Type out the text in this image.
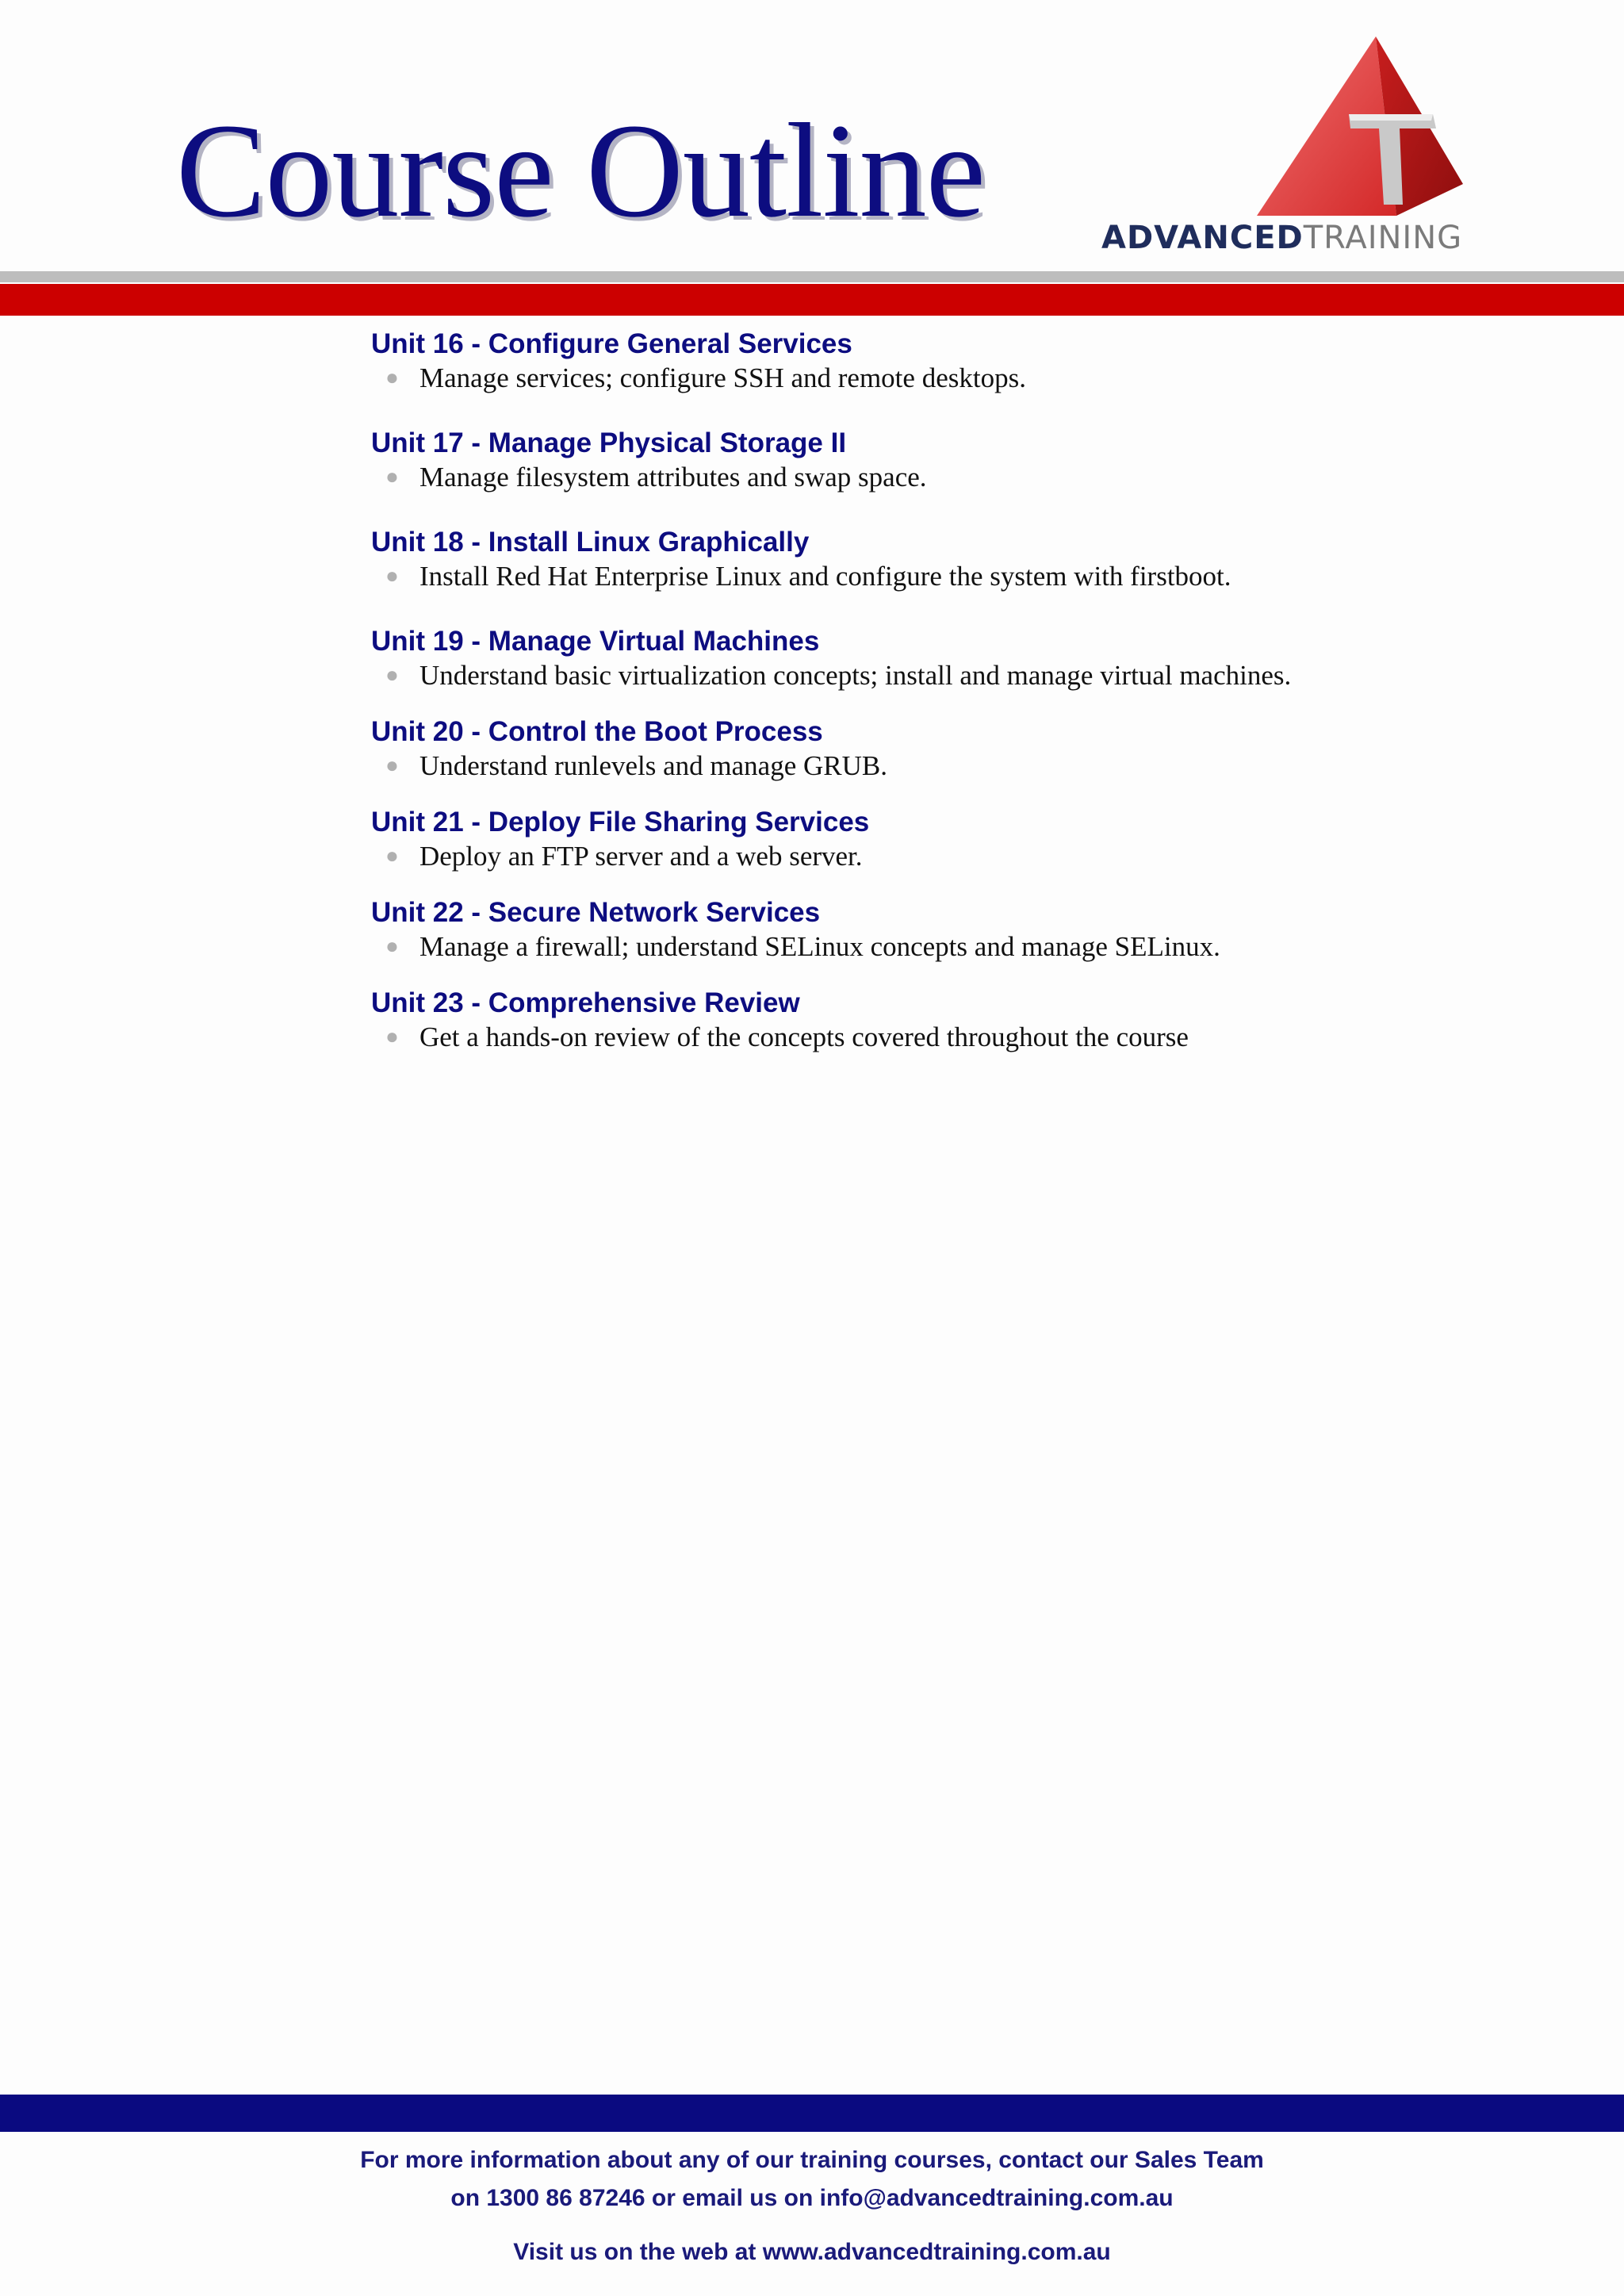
Course Outline	ADVANCEDTRAINING
Unit 16 - Configure General Services
● Manage services; configure SSH and remote desktops.
Unit 17 - Manage Physical Storage II
● Manage filesystem attributes and swap space.
Unit 18 - Install Linux Graphically
● Install Red Hat Enterprise Linux and configure the system with firstboot.
Unit 19 - Manage Virtual Machines
● Understand basic virtualization concepts; install and manage virtual machines.
Unit 20 - Control the Boot Process
● Understand runlevels and manage GRUB.
Unit 21 - Deploy File Sharing Services
● Deploy an FTP server and a web server.
Unit 22 - Secure Network Services
● Manage a firewall; understand SELinux concepts and manage SELinux.
Unit 23 - Comprehensive Review
● Get a hands-on review of the concepts covered throughout the course
For more information about any of our training courses, contact our Sales Team
on 1300 86 87246 or email us on info@advancedtraining.com.au
Visit us on the web at www.advancedtraining.com.au
